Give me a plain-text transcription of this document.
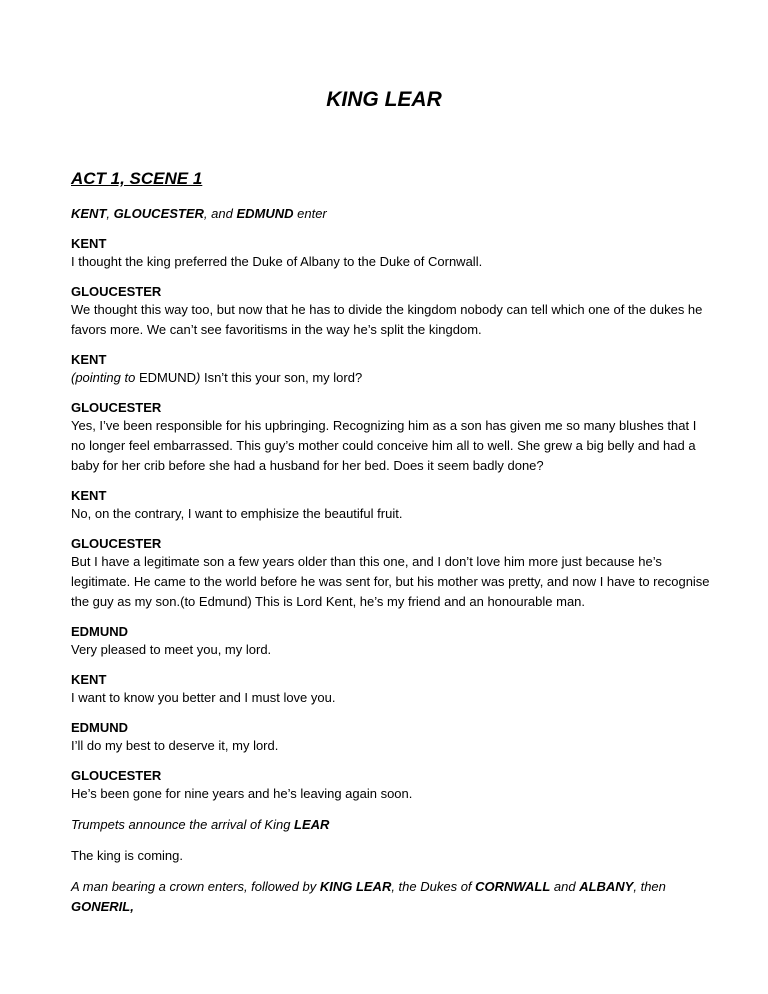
KING LEAR

ACT 1, SCENE 1

KENT, GLOUCESTER, and EDMUND enter

KENT

I thought the king preferred the Duke of Albany to the Duke of Cornwall.

GLOUCESTER

We thought this way too, but now that he has to divide the kingdom nobody can tell which one of the dukes he favors more. We can’t see favoritisms in the way he’s split the kingdom.

KENT

(pointing to EDMUND) Isn’t this your son, my lord?

GLOUCESTER

Yes, I’ve been responsible for his upbringing. Recognizing him as a son has given me so many blushes that I no longer feel embarrassed. This guy’s mother could conceive him all to well. She grew a big belly and had a baby for her crib before she had a husband for her bed. Does it seem badly done?

KENT

No, on the contrary, I want to emphisize the beautiful fruit.

GLOUCESTER

But I have a legitimate son a few years older than this one, and I don’t love him more just because he’s legitimate. He came to the world before he was sent for, but his mother was pretty, and now I have to recognise the guy as my son.(to Edmund) This is Lord Kent, he’s my friend and an honourable man.

EDMUND

Very pleased to meet you, my lord.

KENT

I want to know you better and I must love you.

EDMUND

I’ll do my best to deserve it, my lord.

GLOUCESTER

He’s been gone for nine years and he’s leaving again soon.

Trumpets announce the arrival of King LEAR

The king is coming.

A man bearing a crown enters, followed by KING LEAR, the Dukes of CORNWALL and ALBANY, then GONERIL,
